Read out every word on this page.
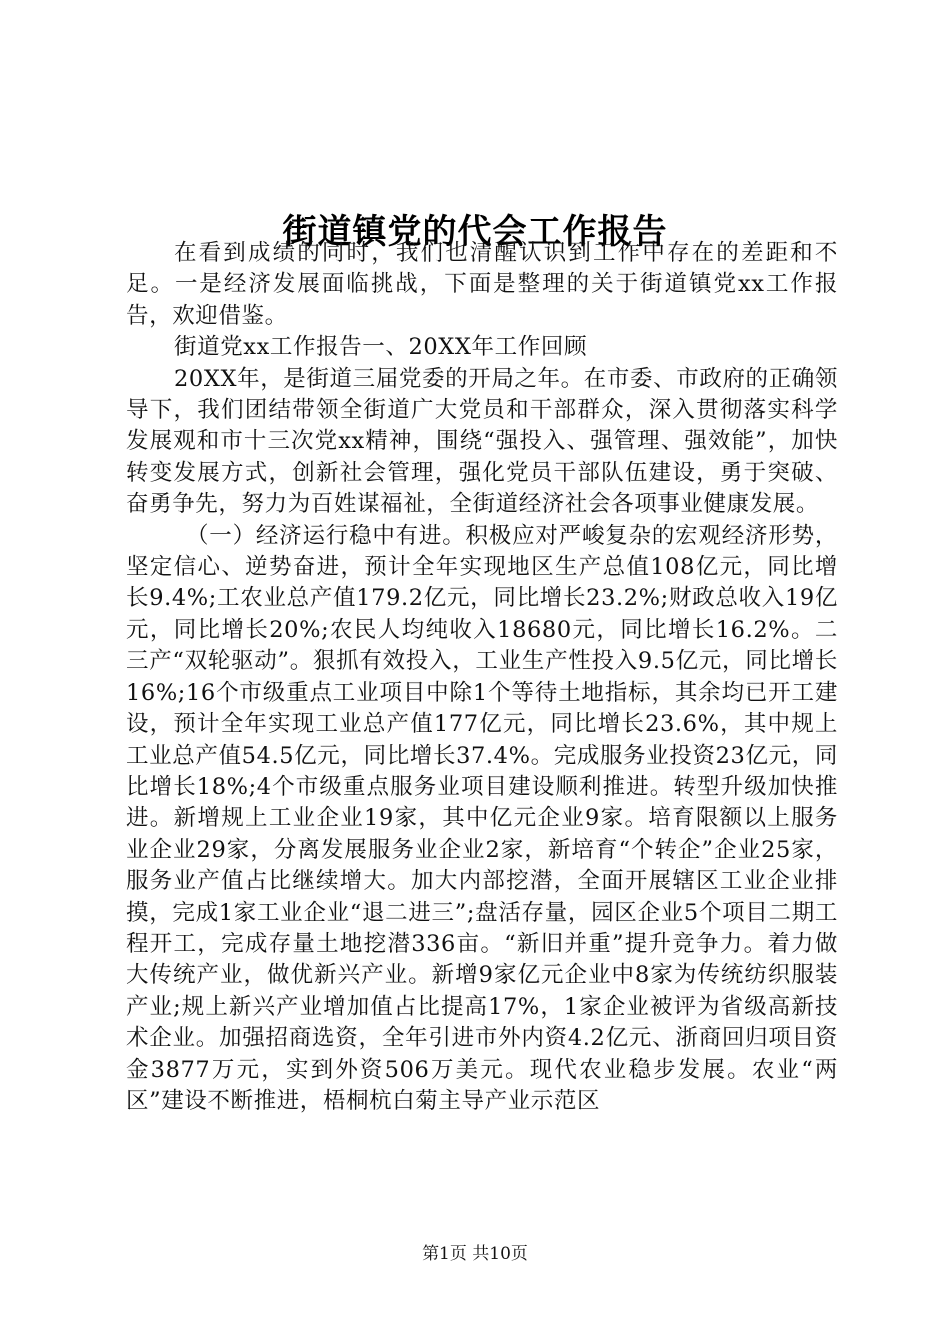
街道镇党的代会工作报告

在看到成绩的同时，我们也清醒认识到工作中存在的差距和不足。一是经济发展面临挑战，下面是整理的关于街道镇党xx工作报告，欢迎借鉴。

街道党xx工作报告一、20XX年工作回顾

20XX年，是街道三届党委的开局之年。在市委、市政府的正确领导下，我们团结带领全街道广大党员和干部群众，深入贯彻落实科学发展观和市十三次党xx精神，围绕“强投入、强管理、强效能”，加快转变发展方式，创新社会管理，强化党员干部队伍建设，勇于突破、奋勇争先，努力为百姓谋福祉，全街道经济社会各项事业健康发展。

（一）经济运行稳中有进。积极应对严峻复杂的宏观经济形势，坚定信心、逆势奋进，预计全年实现地区生产总值108亿元，同比增长9.4%;工农业总产值179.2亿元，同比增长23.2%;财政总收入19亿元，同比增长20%;农民人均纯收入18680元，同比增长16.2%。二三产“双轮驱动”。狠抓有效投入，工业生产性投入9.5亿元，同比增长16%;16个市级重点工业项目中除1个等待土地指标，其余均已开工建设，预计全年实现工业总产值177亿元，同比增长23.6%，其中规上工业总产值54.5亿元，同比增长37.4%。完成服务业投资23亿元，同比增长18%;4个市级重点服务业项目建设顺利推进。转型升级加快推进。新增规上工业企业19家，其中亿元企业9家。培育限额以上服务业企业29家，分离发展服务业企业2家，新培育“个转企”企业25家，服务业产值占比继续增大。加大内部挖潜，全面开展辖区工业企业排摸，完成1家工业企业“退二进三”;盘活存量，园区企业5个项目二期工程开工，完成存量土地挖潜336亩。“新旧并重”提升竞争力。着力做大传统产业，做优新兴产业。新增9家亿元企业中8家为传统纺织服装产业;规上新兴产业增加值占比提高17%，1家企业被评为省级高新技术企业。加强招商选资，全年引进市外内资4.2亿元、浙商回归项目资金3877万元，实到外资506万美元。现代农业稳步发展。农业“两区”建设不断推进，梧桐杭白菊主导产业示范区

第1页 共10页
